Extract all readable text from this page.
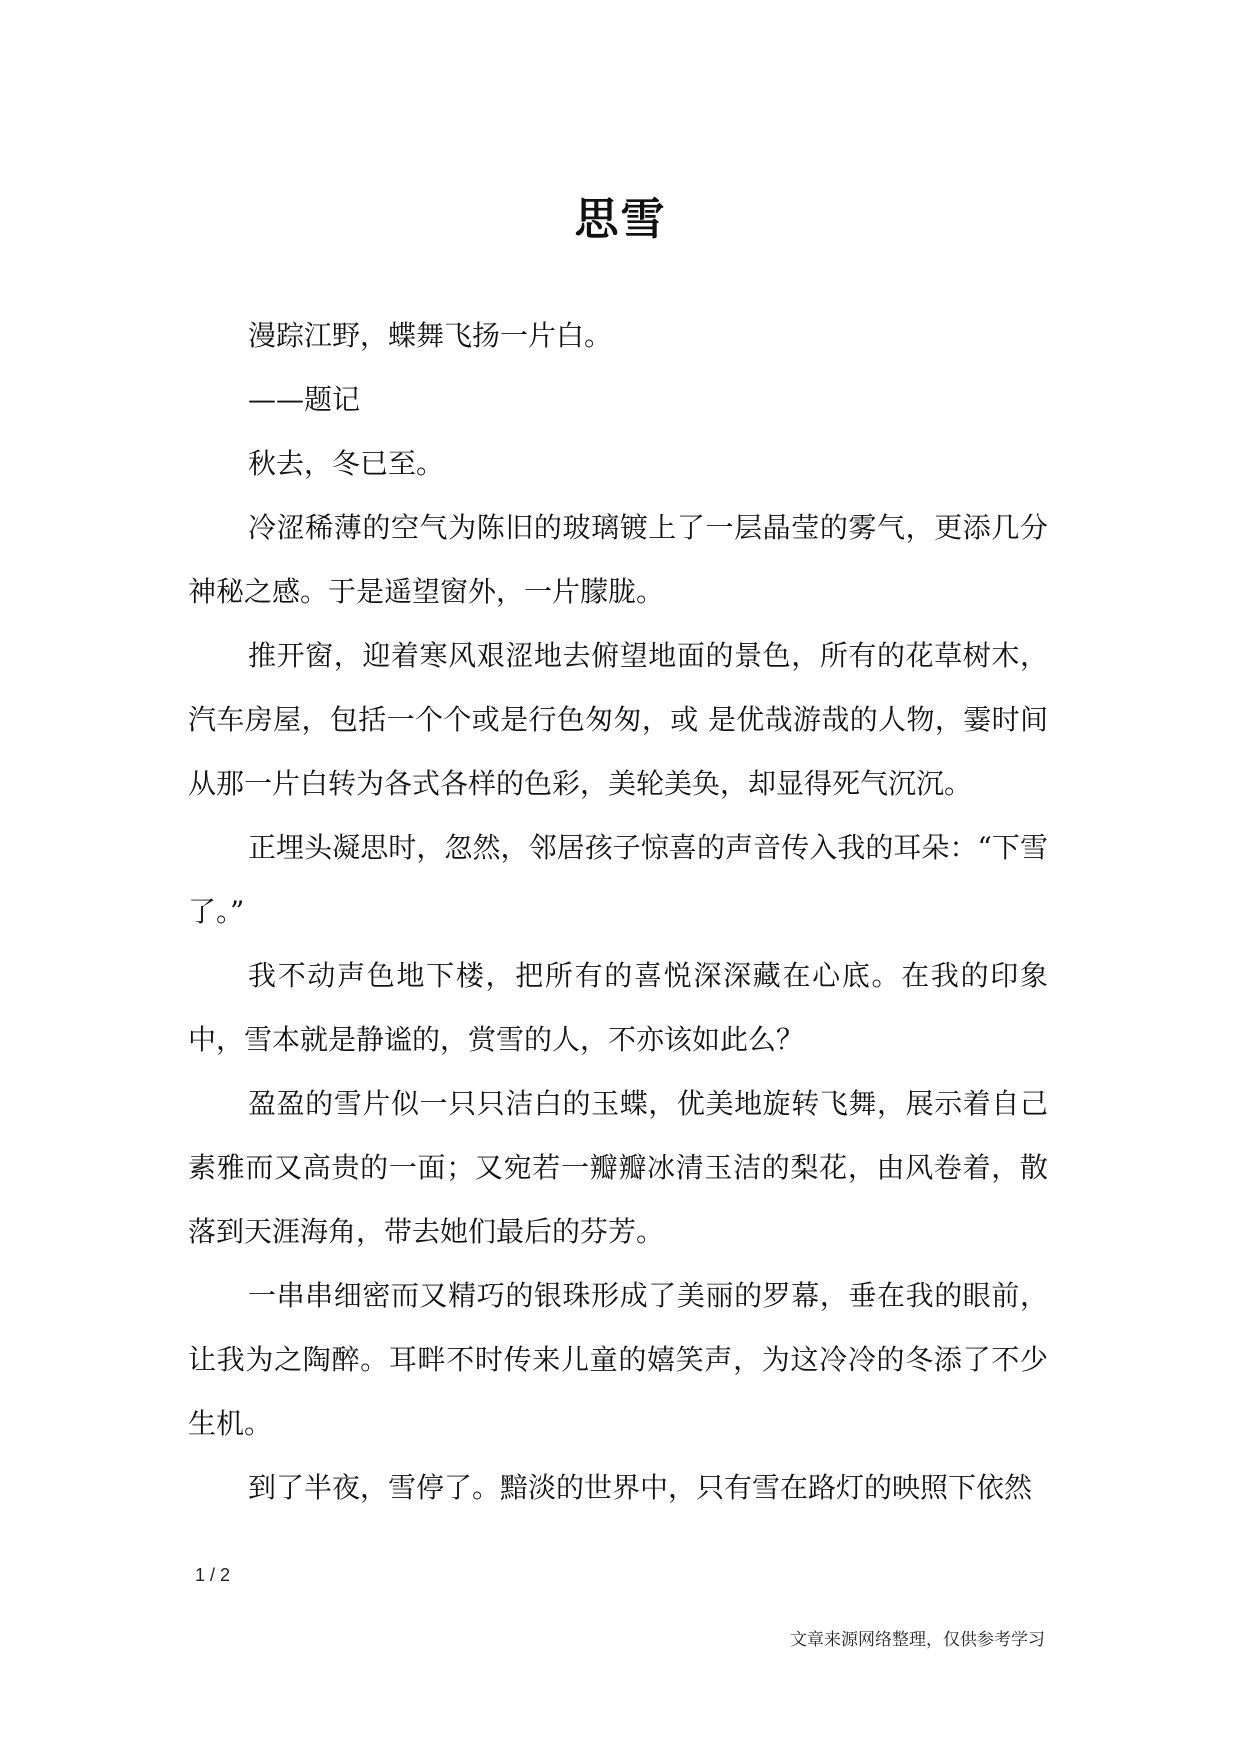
思雪

漫踪江野，蝶舞飞扬一片白。

——题记

秋去，冬已至。

冷涩稀薄的空气为陈旧的玻璃镀上了一层晶莹的雾气，更添几分神秘之感。于是遥望窗外，一片朦胧。

推开窗，迎着寒风艰涩地去俯望地面的景色，所有的花草树木，汽车房屋，包括一个个或是行色匆匆，或 是优哉游哉的人物，霎时间从那一片白转为各式各样的色彩，美轮美奂，却显得死气沉沉。

正埋头凝思时，忽然，邻居孩子惊喜的声音传入我的耳朵：“下雪了。”

我不动声色地下楼，把所有的喜悦深深藏在心底。在我的印象中，雪本就是静谧的，赏雪的人，不亦该如此么？

盈盈的雪片似一只只洁白的玉蝶，优美地旋转飞舞，展示着自己素雅而又高贵的一面；又宛若一瓣瓣冰清玉洁的梨花，由风卷着，散落到天涯海角，带去她们最后的芬芳。

一串串细密而又精巧的银珠形成了美丽的罗幕，垂在我的眼前，让我为之陶醉。耳畔不时传来儿童的嬉笑声，为这冷冷的冬添了不少生机。

到了半夜，雪停了。黯淡的世界中，只有雪在路灯的映照下依然

1 / 2
文章来源网络整理，仅供参考学习
